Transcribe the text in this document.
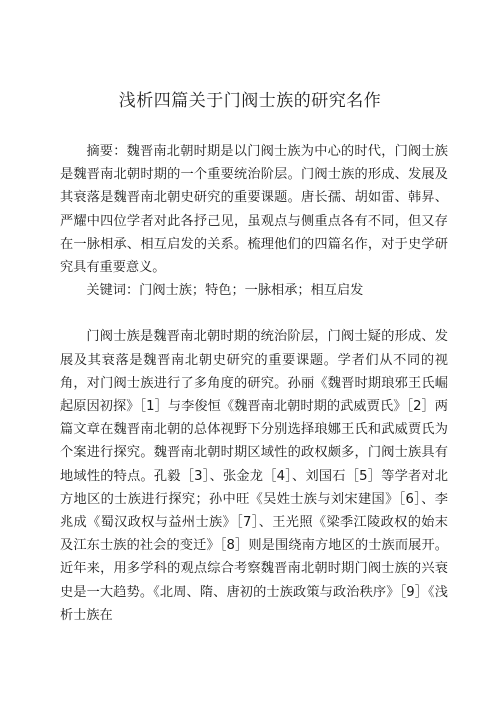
浅析四篇关于门阀士族的研究名作

摘要：魏晋南北朝时期是以门阀士族为中心的时代，门阀士族是魏晋南北朝时期的一个重要统治阶层。门阀士族的形成、发展及其衰落是魏晋南北朝史研究的重要课题。唐长孺、胡如雷、韩昇、严耀中四位学者对此各抒己见，虽观点与侧重点各有不同，但又存在一脉相承、相互启发的关系。梳理他们的四篇名作，对于史学研究具有重要意义。

关键词：门阀士族；特色；一脉相承；相互启发

门阀士族是魏晋南北朝时期的统治阶层，门阀士疑的形成、发展及其衰落是魏晋南北朝史研究的重要课题。学者们从不同的视角，对门阀士族进行了多角度的研究。孙丽《魏晋时期琅邪王氏崛起原因初探》［1］与李俊恒《魏晋南北朝时期的武威贾氏》［2］两篇文章在魏晋南北朝的总体视野下分别选择琅娜王氏和武威贾氏为个案进行探究。魏晋南北朝时期区域性的政权颇多，门阀士族具有地域性的特点。孔毅［3］、张金龙［4］、刘国石［5］等学者对北方地区的士族进行探究；孙中旺《吴姓士族与刘宋建国》［6］、李兆成《蜀汉政权与益州士族》［7］、王光照《梁季江陵政权的始末及江东士族的社会的变迁》［8］则是围绕南方地区的士族而展开。近年来，用多学科的观点综合考察魏晋南北朝时期门阀士族的兴衰史是一大趋势。《北周、隋、唐初的士族政策与政治秩序》［9］《浅析士族在
